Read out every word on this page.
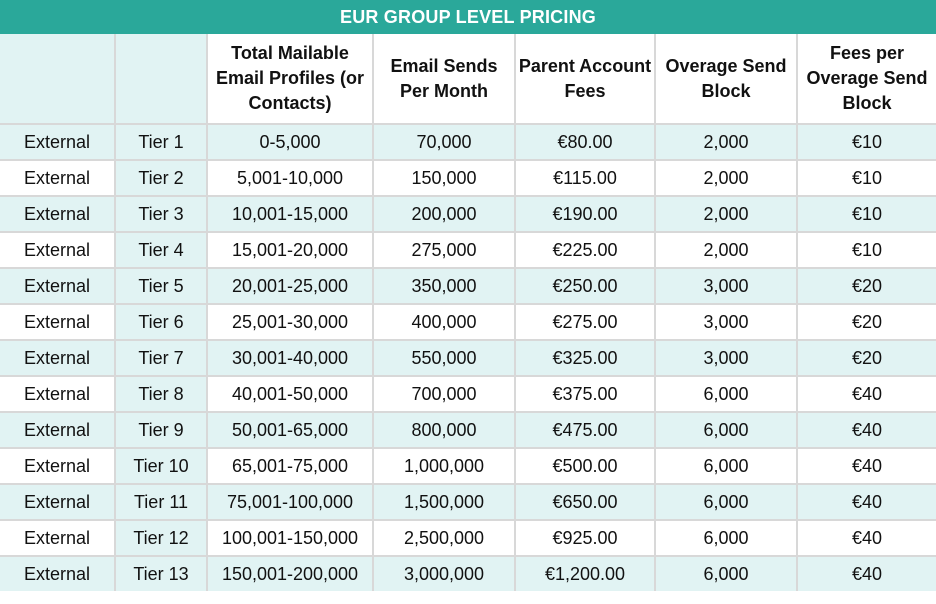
EUR GROUP LEVEL PRICING
		Total Mailable Email Profiles (or Contacts)	Email Sends Per Month	Parent Account Fees	Overage Send Block	Fees per Overage Send Block
External	Tier 1	0-5,000	70,000	€80.00	2,000	€10
External	Tier 2	5,001-10,000	150,000	€115.00	2,000	€10
External	Tier 3	10,001-15,000	200,000	€190.00	2,000	€10
External	Tier 4	15,001-20,000	275,000	€225.00	2,000	€10
External	Tier 5	20,001-25,000	350,000	€250.00	3,000	€20
External	Tier 6	25,001-30,000	400,000	€275.00	3,000	€20
External	Tier 7	30,001-40,000	550,000	€325.00	3,000	€20
External	Tier 8	40,001-50,000	700,000	€375.00	6,000	€40
External	Tier 9	50,001-65,000	800,000	€475.00	6,000	€40
External	Tier 10	65,001-75,000	1,000,000	€500.00	6,000	€40
External	Tier 11	75,001-100,000	1,500,000	€650.00	6,000	€40
External	Tier 12	100,001-150,000	2,500,000	€925.00	6,000	€40
External	Tier 13	150,001-200,000	3,000,000	€1,200.00	6,000	€40
